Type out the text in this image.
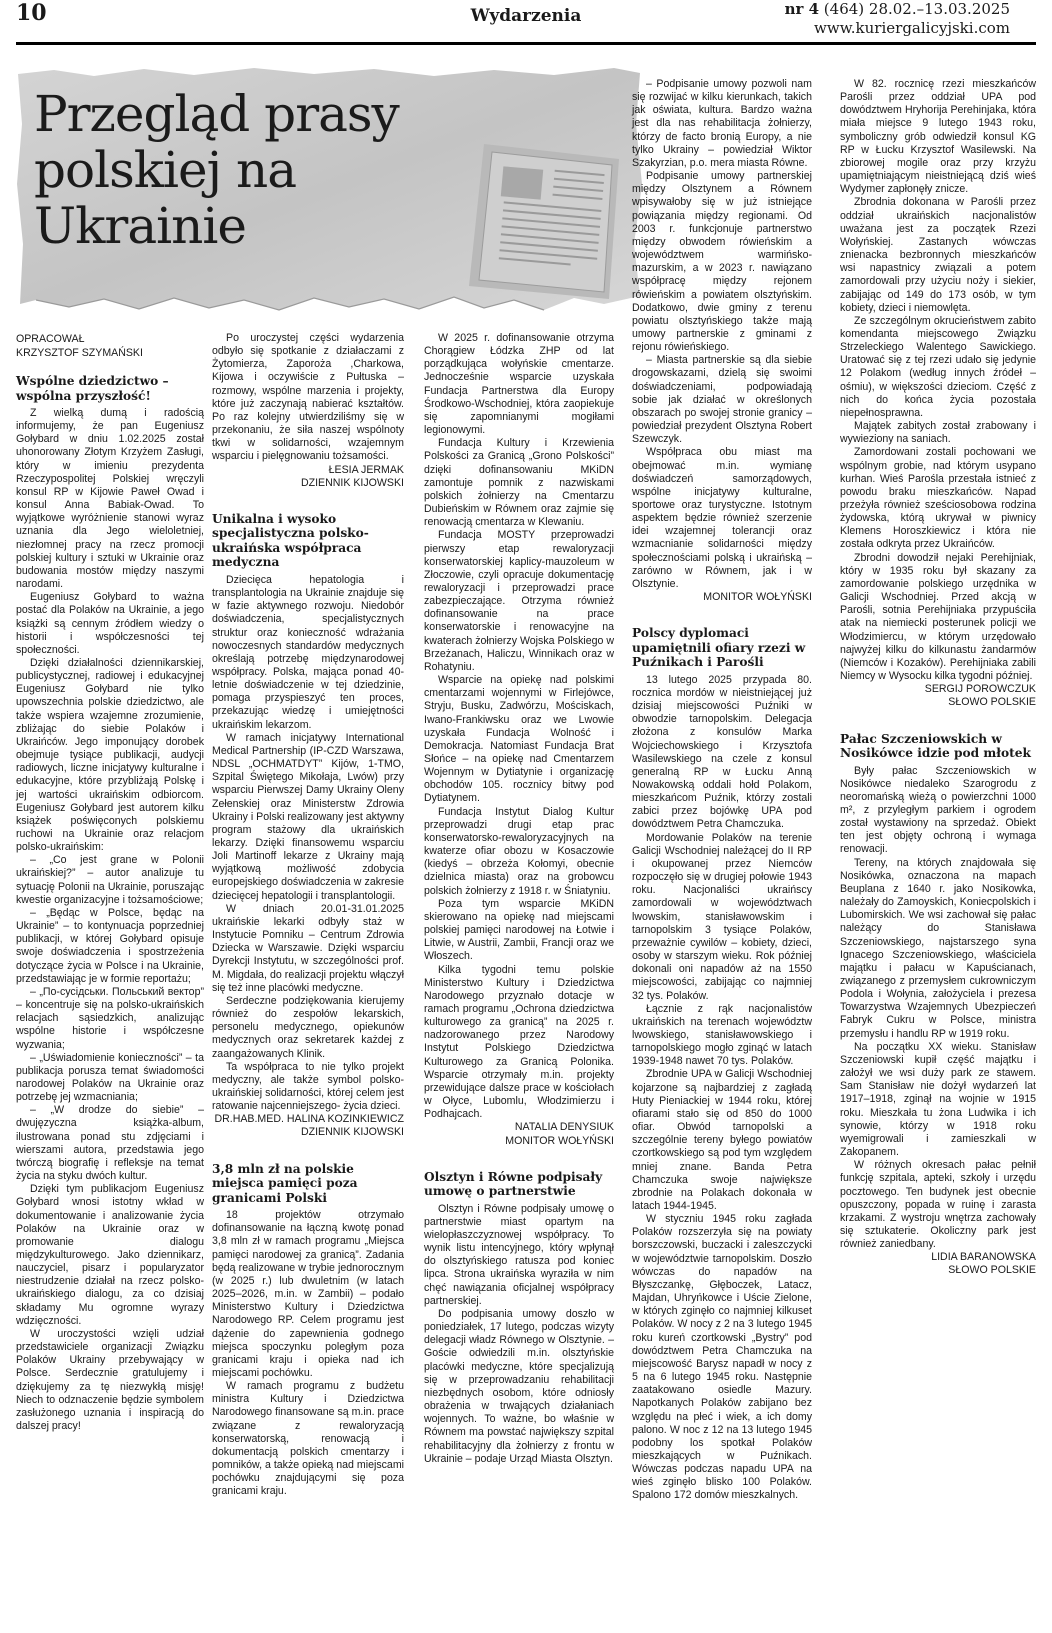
10	Wydarzenia	nr 4 (464) 28.02.–13.03.2025
www.kuriergalicyjski.com
Przegląd prasy polskiej na Ukrainie
OPRACOWAŁ
KRZYSZTOF SZYMAŃSKI
Wspólne dziedzictwo – wspólna przyszłość!

Z wielką dumą i radością informujemy, że pan Eugeniusz Gołybard w dniu 1.02.2025 został uhonorowany Złotym Krzyżem Zasługi, który w imieniu prezydenta Rzeczypospolitej Polskiej wręczyli konsul RP w Kijowie Paweł Owad i konsul Anna Babiak-Owad. To wyjątkowe wyróżnienie stanowi wyraz uznania dla Jego wieloletniej, niezłomnej pracy na rzecz promocji polskiej kultury i sztuki w Ukrainie oraz budowania mostów między naszymi narodami.

Eugeniusz Gołybard to ważna postać dla Polaków na Ukrainie, a jego książki są cennym źródłem wiedzy o historii i współczesności tej społeczności.

Dzięki działalności dziennikarskiej, publicystycznej, radiowej i edukacyjnej Eugeniusz Gołybard nie tylko upowszechnia polskie dziedzictwo, ale także wspiera wzajemne zrozumienie, zbliżając do siebie Polaków i Ukraińców. Jego imponujący dorobek obejmuje tysiące publikacji, audycji radiowych, liczne inicjatywy kulturalne i edukacyjne, które przybliżają Polskę i jej wartości ukraińskim odbiorcom. Eugeniusz Gołybard jest autorem kilku książek poświęconych polskiemu ruchowi na Ukrainie oraz relacjom polsko-ukraińskim:

– „Co jest grane w Polonii ukraińskiej?” – autor analizuje tu sytuację Polonii na Ukrainie, poruszając kwestie organizacyjne i tożsamościowe;

– „Będąc w Polsce, będąc na Ukrainie” – to kontynuacja poprzedniej publikacji, w której Gołybard opisuje swoje doświadczenia i spostrzeżenia dotyczące życia w Polsce i na Ukrainie, przedstawiając je w formie reportażu;

– „По-сусідськи. Польський вектор” – koncentruje się na polsko-ukraińskich relacjach sąsiedzkich, analizując wspólne historie i współczesne wyzwania;

– „Uświadomienie konieczności” – ta publikacja porusza temat świadomości narodowej Polaków na Ukrainie oraz potrzebę jej wzmacniania;

– „W drodze do siebie” – dwujęzyczna książka-album, ilustrowana ponad stu zdjęciami i wierszami autora, przedstawia jego twórczą biografię i refleksje na temat życia na styku dwóch kultur.

Dzięki tym publikacjom Eugeniusz Gołybard wnosi istotny wkład w dokumentowanie i analizowanie życia Polaków na Ukrainie oraz w promowanie dialogu międzykulturowego. Jako dziennikarz, nauczyciel, pisarz i popularyzator niestrudzenie działał na rzecz polsko-ukraińskiego dialogu, za co dzisiaj składamy Mu ogromne wyrazy wdzięczności.

W uroczystości wzięli udział przedstawiciele organizacji Związku Polaków Ukrainy przebywający w Polsce. Serdecznie gratulujemy i dziękujemy za tę niezwykłą misję! Niech to odznaczenie będzie symbolem zasłużonego uznania i inspiracją do dalszej pracy!

Po uroczystej części wydarzenia odbyło się spotkanie z działaczami z Żytomierza, Zaporoża ,Charkowa, Kijowa i oczywiście z Pułtuska – rozmowy, wspólne marzenia i projekty, które już zaczynają nabierać kształtów. Po raz kolejny utwierdziliśmy się w przekonaniu, że siła naszej wspólnoty tkwi w solidarności, wzajemnym wsparciu i pielęgnowaniu tożsamości.

ŁESIA JERMAK

DZIENNIK KIJOWSKI

Unikalna i wysoko specjalistyczna polsko-ukraińska współpraca medyczna

Dziecięca hepatologia i transplantologia na Ukrainie znajduje się w fazie aktywnego rozwoju. Niedobór doświadczenia, specjalistycznych struktur oraz konieczność wdrażania nowoczesnych standardów medycznych określają potrzebę międzynarodowej współpracy. Polska, mająca ponad 40-letnie doświadczenie w tej dziedzinie, pomaga przyspieszyć ten proces, przekazując wiedzę i umiejętności ukraińskim lekarzom.

W ramach inicjatywy International Medical Partnership (IP-CZD Warszawa, NDSL „OCHMATDYT” Kijów, 1-TMO, Szpital Świętego Mikołaja, Lwów) przy wsparciu Pierwszej Damy Ukrainy Oleny Zełenskiej oraz Ministerstw Zdrowia Ukrainy i Polski realizowany jest aktywny program stażowy dla ukraińskich lekarzy. Dzięki finansowemu wsparciu Joli Martinoff lekarze z Ukrainy mają wyjątkową możliwość zdobycia europejskiego doświadczenia w zakresie dziecięcej hepatologii i transplantologii.

W dniach 20.01-31.01.2025 ukraińskie lekarki odbyły staż w Instytucie Pomniku – Centrum Zdrowia Dziecka w Warszawie. Dzięki wsparciu Dyrekcji Instytutu, w szczególności prof. M. Migdała, do realizacji projektu włączył się też inne placówki medyczne.

Serdeczne podziękowania kierujemy również do zespołów lekarskich, personelu medycznego, opiekunów medycznych oraz sekretarek każdej z zaangażowanych Klinik.

Ta współpraca to nie tylko projekt medyczny, ale także symbol polsko-ukraińskiej solidarności, której celem jest ratowanie najcenniejszego- życia dzieci.

DR.HAB.MED. HALINA KOZINKIEWICZ

DZIENNIK KIJOWSKI

3,8 mln zł na polskie miejsca pamięci poza granicami Polski

18 projektów otrzymało dofinansowanie na łączną kwotę ponad 3,8 mln zł w ramach programu „Miejsca pamięci narodowej za granicą”. Zadania będą realizowane w trybie jednorocznym (w 2025 r.) lub dwuletnim (w latach 2025–2026, m.in. w Zambii) – podało Ministerstwo Kultury i Dziedzictwa Narodowego RP. Celem programu jest dążenie do zapewnienia godnego miejsca spoczynku poległym poza granicami kraju i opieka nad ich miejscami pochówku.

W ramach programu z budżetu ministra Kultury i Dziedzictwa Narodowego finansowane są m.in. prace związane z rewaloryzacją konserwatorską, renowacją i dokumentacją polskich cmentarzy i pomników, a także opieką nad miejscami pochówku znajdującymi się poza granicami kraju.

W 2025 r. dofinansowanie otrzyma Chorągiew Łódzka ZHP od lat porządkująca wołyńskie cmentarze. Jednocześnie wsparcie uzyskała Fundacja Partnerstwa dla Europy Środkowo-Wschodniej, która zaopiekuje się zapomnianymi mogiłami legionowymi.

Fundacja Kultury i Krzewienia Polskości za Granicą „Grono Polskości” dzięki dofinansowaniu MKiDN zamontuje pomnik z nazwiskami polskich żołnierzy na Cmentarzu Dubieńskim w Równem oraz zajmie się renowacją cmentarza w Klewaniu.

Fundacja MOSTY przeprowadzi pierwszy etap rewaloryzacji konserwatorskiej kaplicy-mauzoleum w Złoczowie, czyli opracuje dokumentację rewaloryzacji i przeprowadzi prace zabezpieczające. Otrzyma również dofinansowanie na prace konserwatorskie i renowacyjne na kwaterach żołnierzy Wojska Polskiego w Brzeżanach, Haliczu, Winnikach oraz w Rohatyniu.

Wsparcie na opiekę nad polskimi cmentarzami wojennymi w Firlejówce, Stryju, Busku, Zadwórzu, Mościskach, Iwano-Frankiwsku oraz we Lwowie uzyskała Fundacja Wolność i Demokracja. Natomiast Fundacja Brat Słońce – na opiekę nad Cmentarzem Wojennym w Dytiatynie i organizację obchodów 105. rocznicy bitwy pod Dytiatynem.

Fundacja Instytut Dialog Kultur przeprowadzi drugi etap prac konserwatorsko-rewaloryzacyjnych na kwaterze ofiar obozu w Kosaczowie (kiedyś – obrzeża Kołomyi, obecnie dzielnica miasta) oraz na grobowcu polskich żołnierzy z 1918 r. w Śniatyniu.

Poza tym wsparcie MKiDN skierowano na opiekę nad miejscami polskiej pamięci narodowej na Łotwie i Litwie, w Austrii, Zambii, Francji oraz we Włoszech.

Kilka tygodni temu polskie Ministerstwo Kultury i Dziedzictwa Narodowego przyznało dotacje w ramach programu „Ochrona dziedzictwa kulturowego za granicą” na 2025 r. nadzorowanego przez Narodowy Instytut Polskiego Dziedzictwa Kulturowego za Granicą Polonika. Wsparcie otrzymały m.in. projekty przewidujące dalsze prace w kościołach w Ołyce, Lubomlu, Włodzimierzu i Podhajcach.

NATALIA DENYSIUK

MONITOR WOŁYŃSKI

Olsztyn i Równe podpisały umowę o partnerstwie

Olsztyn i Równe podpisały umowę o partnerstwie miast opartym na wielopłaszczyznowej współpracy. To wynik listu intencyjnego, który wpłynął do olsztyńskiego ratusza pod koniec lipca. Strona ukraińska wyraziła w nim chęć nawiązania oficjalnej współpracy partnerskiej.

Do podpisania umowy doszło w poniedziałek, 17 lutego, podczas wizyty delegacji władz Równego w Olsztynie. – Goście odwiedzili m.in. olsztyńskie placówki medyczne, które specjalizują się w przeprowadzaniu rehabilitacji niezbędnych osobom, które odniosły obrażenia w trwających działaniach wojennych. To ważne, bo właśnie w Równem ma powstać największy szpital rehabilitacyjny dla żołnierzy z frontu w Ukrainie – podaje Urząd Miasta Olsztyn.

– Podpisanie umowy pozwoli nam się rozwijać w kilku kierunkach, takich jak oświata, kultura. Bardzo ważna jest dla nas rehabilitacja żołnierzy, którzy de facto bronią Europy, a nie tylko Ukrainy – powiedział Wiktor Szakyrzian, p.o. mera miasta Równe.

Podpisanie umowy partnerskiej między Olsztynem a Równem wpisywałoby się w już istniejące powiązania między regionami. Od 2003 r. funkcjonuje partnerstwo między obwodem rówieńskim a województwem warmińsko-mazurskim, a w 2023 r. nawiązano współpracę między rejonem rówieńskim a powiatem olsztyńskim. Dodatkowo, dwie gminy z terenu powiatu olsztyńskiego także mają umowy partnerskie z gminami z rejonu rówieńskiego.

– Miasta partnerskie są dla siebie drogowskazami, dzielą się swoimi doświadczeniami, podpowiadają sobie jak działać w określonych obszarach po swojej stronie granicy – powiedział prezydent Olsztyna Robert Szewczyk.

Współpraca obu miast ma obejmować m.in. wymianę doświadczeń samorządowych, wspólne inicjatywy kulturalne, sportowe oraz turystyczne. Istotnym aspektem będzie również szerzenie idei wzajemnej tolerancji oraz wzmacnianie solidarności między społecznościami polską i ukraińską – zarówno w Równem, jak i w Olsztynie.

MONITOR WOŁYŃSKI

Polscy dyplomaci upamiętnili ofiary rzezi w Puźnikach i Parośli

13 lutego 2025 przypada 80. rocznica mordów w nieistniejącej już dzisiaj miejscowości Puźniki w obwodzie tarnopolskim. Delegacja złożona z konsulów Marka Wojciechowskiego i Krzysztofa Wasilewskiego na czele z konsul generalną RP w Łucku Anną Nowakowską oddali hołd Polakom, mieszkańcom Puźnik, którzy zostali zabici przez bojówkę UPA pod dowództwem Petra Chamczuka.

Mordowanie Polaków na terenie Galicji Wschodniej należącej do II RP i okupowanej przez Niemców rozpoczęło się w drugiej połowie 1943 roku. Nacjonaliści ukraińscy zamordowali w województwach lwowskim, stanisławowskim i tarnopolskim 3 tysiące Polaków, przeważnie cywilów – kobiety, dzieci, osoby w starszym wieku. Rok później dokonali oni napadów aż na 1550 miejscowości, zabijając co najmniej 32 tys. Polaków.

Łącznie z rąk nacjonalistów ukraińskich na terenach województw lwowskiego, stanisławowskiego i tarnopolskiego mogło zginąć w latach 1939-1948 nawet 70 tys. Polaków.

Zbrodnie UPA w Galicji Wschodniej kojarzone są najbardziej z zagładą Huty Pieniackiej w 1944 roku, której ofiarami stało się od 850 do 1000 ofiar. Obwód tarnopolski a szczególnie tereny byłego powiatów czortkowskiego są pod tym względem mniej znane. Banda Petra Chamczuka swoje największe zbrodnie na Polakach dokonała w latach 1944-1945.

W styczniu 1945 roku zagłada Polaków rozszerzyła się na powiaty borszczowski, buczacki i zaleszczycki w województwie tarnopolskim. Doszło wówczas do napadów na Błyszczankę, Głęboczek, Latacz, Majdan, Uhryńkowce i Uście Zielone, w których zginęło co najmniej kilkuset Polaków. W nocy z 2 na 3 lutego 1945 roku kureń czortkowski „Bystry” pod dowództwem Petra Chamczuka na miejscowość Barysz napadł w nocy z 5 na 6 lutego 1945 roku. Następnie zaatakowano osiedle Mazury. Napotkanych Polaków zabijano bez względu na płeć i wiek, a ich domy palono. W noc z 12 na 13 lutego 1945 podobny los spotkał Polaków mieszkających w Puźnikach. Wówczas podczas napadu UPA na wieś zginęło blisko 100 Polaków. Spalono 172 domów mieszkalnych.

W 82. rocznicę rzezi mieszkańców Parośli przez oddział UPA pod dowództwem Hryhorija Perehinjaka, która miała miejsce 9 lutego 1943 roku, symboliczny grób odwiedził konsul KG RP w Łucku Krzysztof Wasilewski. Na zbiorowej mogile oraz przy krzyżu upamiętniającym nieistniejącą dziś wieś Wydymer zapłonęły znicze.

Zbrodnia dokonana w Parośli przez oddział ukraińskich nacjonalistów uważana jest za początek Rzezi Wołyńskiej. Zastanych wówczas znienacka bezbronnych mieszkańców wsi napastnicy związali a potem zamordowali przy użyciu noży i siekier, zabijając od 149 do 173 osób, w tym kobiety, dzieci i niemowlęta.

Ze szczególnym okrucieństwem zabito komendanta miejscowego Związku Strzeleckiego Walentego Sawickiego. Uratować się z tej rzezi udało się jedynie 12 Polakom (według innych źródeł – ośmiu), w większości dzieciom. Część z nich do końca życia pozostała niepełnosprawna.

Majątek zabitych został zrabowany i wywieziony na saniach.

Zamordowani zostali pochowani we wspólnym grobie, nad którym usypano kurhan. Wieś Parośla przestała istnieć z powodu braku mieszkańców. Napad przeżyła również sześciosobowa rodzina żydowska, którą ukrywał w piwnicy Klemens Horoszkiewicz i która nie została odkryta przez Ukraińców.

Zbrodni dowodził nejaki Perehijniak, który w 1935 roku był skazany za zamordowanie polskiego urzędnika w Galicji Wschodniej. Przed akcją w Parośli, sotnia Perehijniaka przypuściła atak na niemiecki posterunek policji we Włodzimiercu, w którym urzędowało najwyżej kilku do kilkunastu żandarmów (Niemców i Kozaków). Perehijniaka zabili Niemcy w Wysocku kilka tygodni później.

SERGIJ POROWCZUK

SŁOWO POLSKIE

Pałac Szczeniowskich w Nosikówce idzie pod młotek

Były pałac Szczeniowskich w Nosikówce niedaleko Szarogrodu z neoromańską wieżą o powierzchni 1000 m², z przyległym parkiem i ogrodem został wystawiony na sprzedaż. Obiekt ten jest objęty ochroną i wymaga renowacji.

Tereny, na których znajdowała się Nosikówka, oznaczona na mapach Beuplana z 1640 r. jako Nosikowka, należały do Zamoyskich, Koniecpolskich i Lubomirskich. We wsi zachował się pałac należący do Stanisława Szczeniowskiego, najstarszego syna Ignacego Szczeniowskiego, właściciela majątku i pałacu w Kapuścianach, związanego z przemysłem cukrowniczym Podola i Wołynia, założyciela i prezesa Towarzystwa Wzajemnych Ubezpieczeń Fabryk Cukru w Polsce, ministra przemysłu i handlu RP w 1919 roku.

Na początku XX wieku. Stanisław Szczeniowski kupił część majątku i założył we wsi duży park ze stawem. Sam Stanisław nie dożył wydarzeń lat 1917–1918, zginął na wojnie w 1915 roku. Mieszkała tu żona Ludwika i ich synowie, którzy w 1918 roku wyemigrowali i zamieszkali w Zakopanem.

W różnych okresach pałac pełnił funkcję szpitala, apteki, szkoły i urzędu pocztowego. Ten budynek jest obecnie opuszczony, popada w ruinę i zarasta krzakami. Z wystroju wnętrza zachowały się sztukaterie. Okoliczny park jest również zaniedbany.

LIDIA BARANOWSKA

SŁOWO POLSKIE
